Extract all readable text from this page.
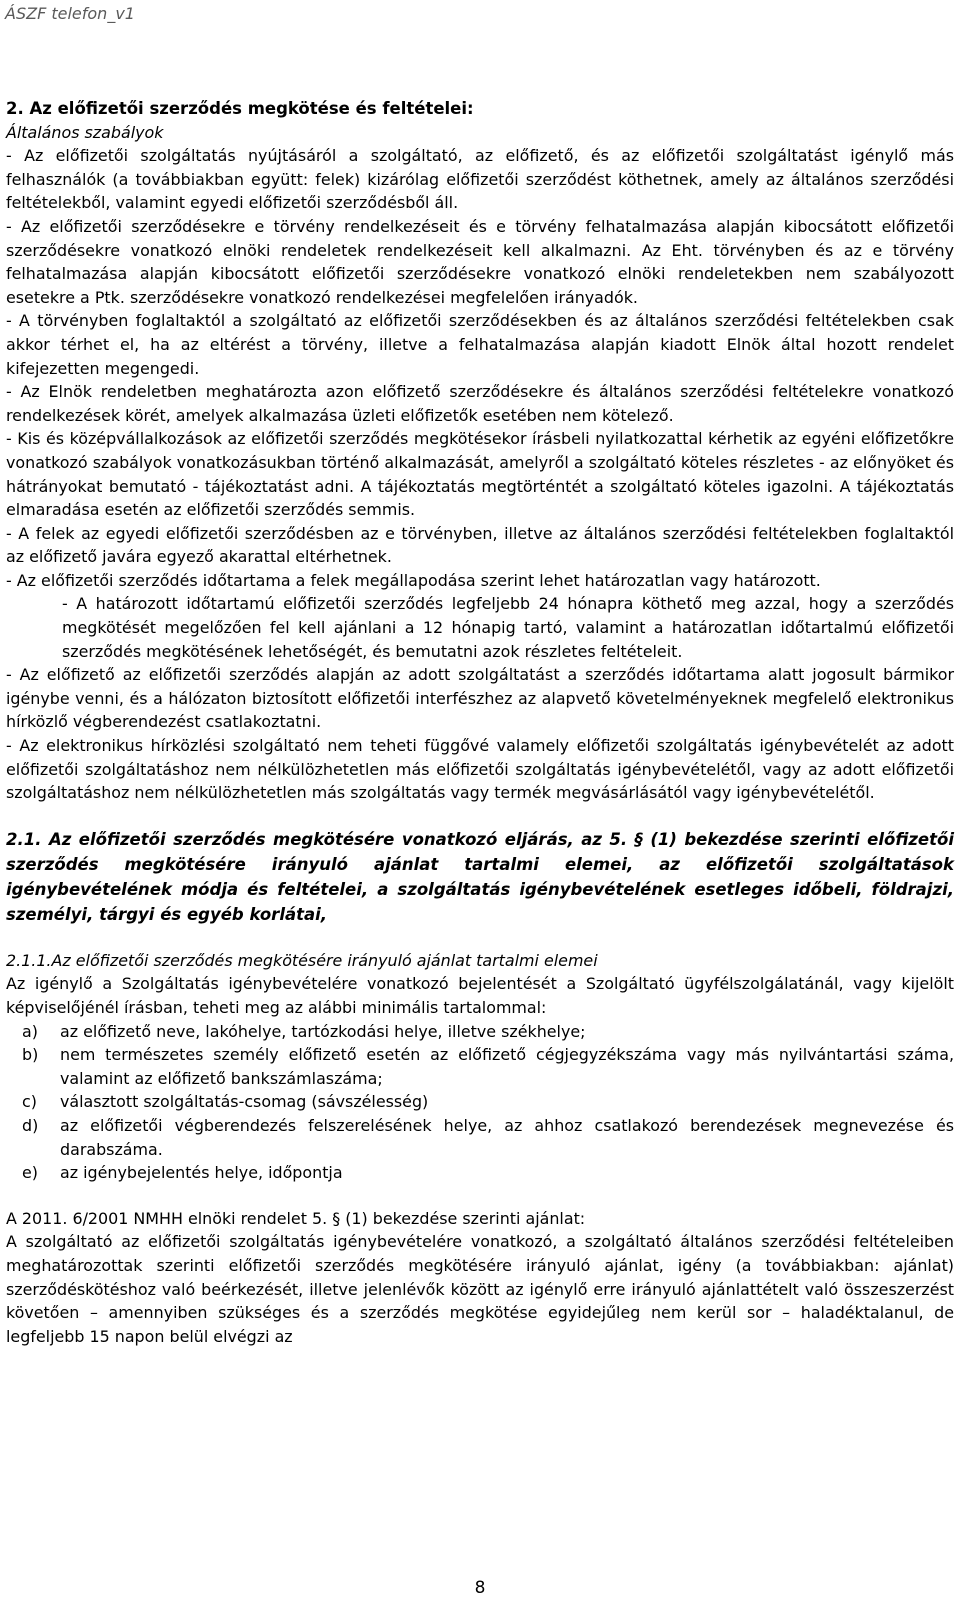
ÁSZF telefon_v1

2. Az előfizetői szerződés megkötése és feltételei:

Általános szabályok

- Az előfizetői szolgáltatás nyújtásáról a szolgáltató, az előfizető, és az előfizetői szolgáltatást igénylő más felhasználók (a továbbiakban együtt: felek) kizárólag előfizetői szerződést köthetnek, amely az általános szerződési feltételekből, valamint egyedi előfizetői szerződésből áll.

- Az előfizetői szerződésekre e törvény rendelkezéseit és e törvény felhatalmazása alapján kibocsátott előfizetői szerződésekre vonatkozó elnöki rendeletek rendelkezéseit kell alkalmazni. Az Eht. törvényben és az e törvény felhatalmazása alapján kibocsátott előfizetői szerződésekre vonatkozó elnöki rendeletekben nem szabályozott esetekre a Ptk. szerződésekre vonatkozó rendelkezései megfelelően irányadók.

- A törvényben foglaltaktól a szolgáltató az előfizetői szerződésekben és az általános szerződési feltételekben csak akkor térhet el, ha az eltérést a törvény, illetve a felhatalmazása alapján kiadott Elnök által hozott rendelet kifejezetten megengedi.

- Az Elnök rendeletben meghatározta azon előfizető szerződésekre és általános szerződési feltételekre vonatkozó rendelkezések körét, amelyek alkalmazása üzleti előfizetők esetében nem kötelező.

- Kis és középvállalkozások az előfizetői szerződés megkötésekor írásbeli nyilatkozattal kérhetik az egyéni előfizetőkre vonatkozó szabályok vonatkozásukban történő alkalmazását, amelyről a szolgáltató köteles részletes - az előnyöket és hátrányokat bemutató - tájékoztatást adni. A tájékoztatás megtörténtét a szolgáltató köteles igazolni. A tájékoztatás elmaradása esetén az előfizetői szerződés semmis.

- A felek az egyedi előfizetői szerződésben az e törvényben, illetve az általános szerződési feltételekben foglaltaktól az előfizető javára egyező akarattal eltérhetnek.

- Az előfizetői szerződés időtartama a felek megállapodása szerint lehet határozatlan vagy határozott.

- A határozott időtartamú előfizetői szerződés legfeljebb 24 hónapra köthető meg azzal, hogy a szerződés megkötését megelőzően fel kell ajánlani a 12 hónapig tartó, valamint a határozatlan időtartalmú előfizetői szerződés megkötésének lehetőségét, és bemutatni azok részletes feltételeit.

- Az előfizető az előfizetői szerződés alapján az adott szolgáltatást a szerződés időtartama alatt jogosult bármikor igénybe venni, és a hálózaton biztosított előfizetői interfészhez az alapvető követelményeknek megfelelő elektronikus hírközlő végberendezést csatlakoztatni.

- Az elektronikus hírközlési szolgáltató nem teheti függővé valamely előfizetői szolgáltatás igénybevételét az adott előfizetői szolgáltatáshoz nem nélkülözhetetlen más előfizetői szolgáltatás igénybevételétől, vagy az adott előfizetői szolgáltatáshoz nem nélkülözhetetlen más szolgáltatás vagy termék megvásárlásától vagy igénybevételétől.

2.1. Az előfizetői szerződés megkötésére vonatkozó eljárás, az 5. § (1) bekezdése szerinti előfizetői szerződés megkötésére irányuló ajánlat tartalmi elemei, az előfizetői szolgáltatások igénybevételének módja és feltételei, a szolgáltatás igénybevételének esetleges időbeli, földrajzi, személyi, tárgyi és egyéb korlátai,

2.1.1.Az előfizetői szerződés megkötésére irányuló ajánlat tartalmi elemei

Az igénylő a Szolgáltatás igénybevételére vonatkozó bejelentését a Szolgáltató ügyfélszolgálatánál, vagy kijelölt képviselőjénél írásban, teheti meg az alábbi minimális tartalommal:

a)	az előfizető neve, lakóhelye, tartózkodási helye, illetve székhelye;
b)	nem természetes személy előfizető esetén az előfizető cégjegyzékszáma vagy más nyilvántartási száma, valamint az előfizető bankszámlaszáma;
c)	választott szolgáltatás-csomag (sávszélesség)
d)	az előfizetői végberendezés felszerelésének helye, az ahhoz csatlakozó berendezések megnevezése és darabszáma.
e)	az igénybejelentés helye, időpontja

A 2011. 6/2001 NMHH elnöki rendelet 5. § (1) bekezdése szerinti ajánlat:

A szolgáltató az előfizetői szolgáltatás igénybevételére vonatkozó, a szolgáltató általános szerződési feltételeiben meghatározottak szerinti előfizetői szerződés megkötésére irányuló ajánlat, igény (a továbbiakban: ajánlat) szerződéskötéshoz való beérkezését, illetve jelenlévők között az igénylő erre irányuló ajánlattételt való összeszerzést követően – amennyiben szükséges és a szerződés megkötése egyidejűleg nem kerül sor – haladéktalanul, de legfeljebb 15 napon belül elvégzi az

8
